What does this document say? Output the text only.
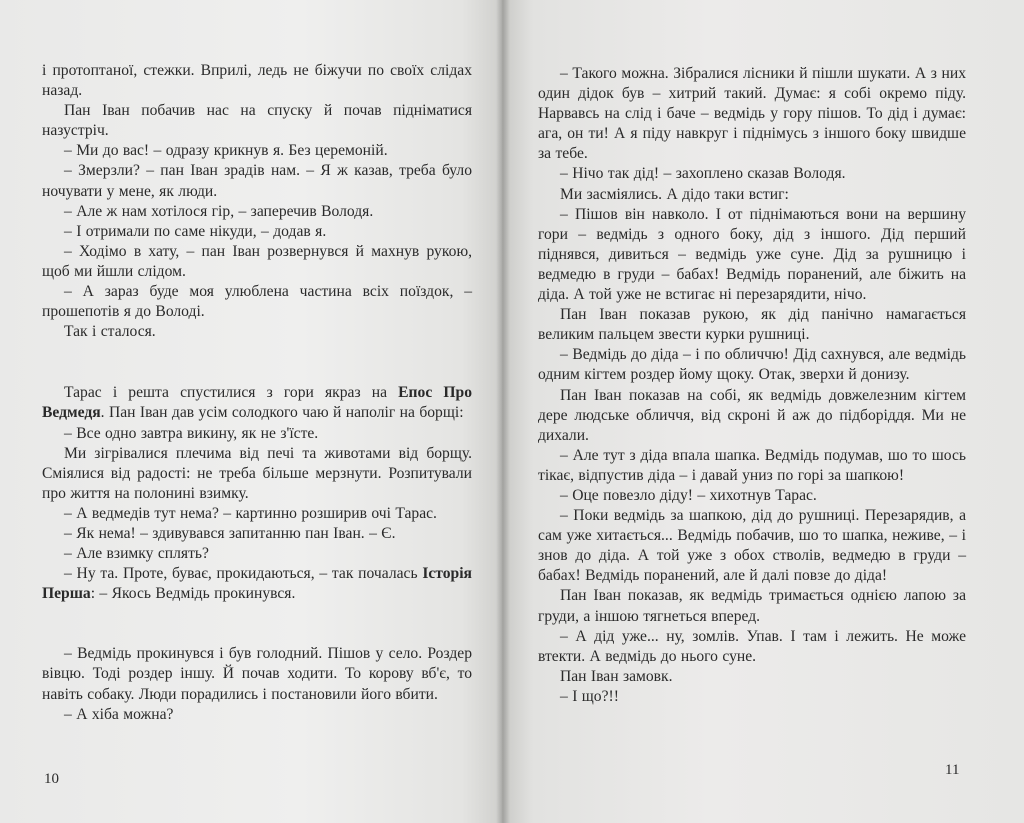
і протоптаної, стежки. Вприлі, ледь не біжучи по своїх слідах назад.

Пан Іван побачив нас на спуску й почав підніматися назустріч.

– Ми до вас! – одразу крикнув я. Без церемоній.

– Змерзли? – пан Іван зрадів нам. – Я ж казав, треба було ночувати у мене, як люди.

– Але ж нам хотілося гір, – заперечив Володя.

– І отримали по саме нікуди, – додав я.

– Ходімо в хату, – пан Іван розвернувся й махнув рукою, щоб ми йшли слідом.

– А зараз буде моя улюблена частина всіх поїздок, – прошепотів я до Володі.

Так і сталося.

Тарас і решта спустилися з гори якраз на Епос Про Ведмедя. Пан Іван дав усім солодкого чаю й наполіг на борщі:

– Все одно завтра викину, як не з'їсте.

Ми зігрівалися плечима від печі та животами від борщу. Сміялися від радості: не треба більше мерзнути. Розпитували про життя на полонині взимку.

– А ведмедів тут нема? – картинно розширив очі Тарас.

– Як нема! – здивувався запитанню пан Іван. – Є.

– Але взимку сплять?

– Ну та. Проте, буває, прокидаються, – так почалась Історія Перша: – Якось Ведмідь прокинувся.

– Ведмідь прокинувся і був голодний. Пішов у село. Роздер вівцю. Тоді роздер іншу. Й почав ходити. То корову вб'є, то навіть собаку. Люди порадились і постановили його вбити.

– А хіба можна?

10

– Такого можна. Зібралися лісники й пішли шукати. А з них один дідок був – хитрий такий. Думає: я собі окремо піду. Нарвавсь на слід і баче – ведмідь у гору пішов. То дід і думає: ага, он ти! А я піду навкруг і піднімусь з іншого боку швидше за тебе.

– Нічо так дід! – захоплено сказав Володя.

Ми засміялись. А дідо таки встиг:

– Пішов він навколо. І от піднімаються вони на вершину гори – ведмідь з одного боку, дід з іншого. Дід перший піднявся, дивиться – ведмідь уже суне. Дід за рушницю і ведмедю в груди – бабах! Ведмідь поранений, але біжить на діда. А той уже не встигає ні перезарядити, нічо.

Пан Іван показав рукою, як дід панічно намагається великим пальцем звести курки рушниці.

– Ведмідь до діда – і по обличчю! Дід сахнувся, але ведмідь одним кігтем роздер йому щоку. Отак, зверхи й донизу.

Пан Іван показав на собі, як ведмідь довжелезним кігтем дере людське обличчя, від скроні й аж до підборіддя. Ми не дихали.

– Але тут з діда впала шапка. Ведмідь подумав, шо то шось тікає, відпустив діда – і давай униз по горі за шапкою!

– Оце повезло діду! – хихотнув Тарас.

– Поки ведмідь за шапкою, дід до рушниці. Перезарядив, а сам уже хитається... Ведмідь побачив, шо то шапка, неживе, – і знов до діда. А той уже з обох стволів, ведмедю в груди – бабах! Ведмідь поранений, але й далі повзе до діда!

Пан Іван показав, як ведмідь тримається однією лапою за груди, а іншою тягнеться вперед.

– А дід уже... ну, зомлів. Упав. І там і лежить. Не може втекти. А ведмідь до нього суне.

Пан Іван замовк.

– І що?!!

11
